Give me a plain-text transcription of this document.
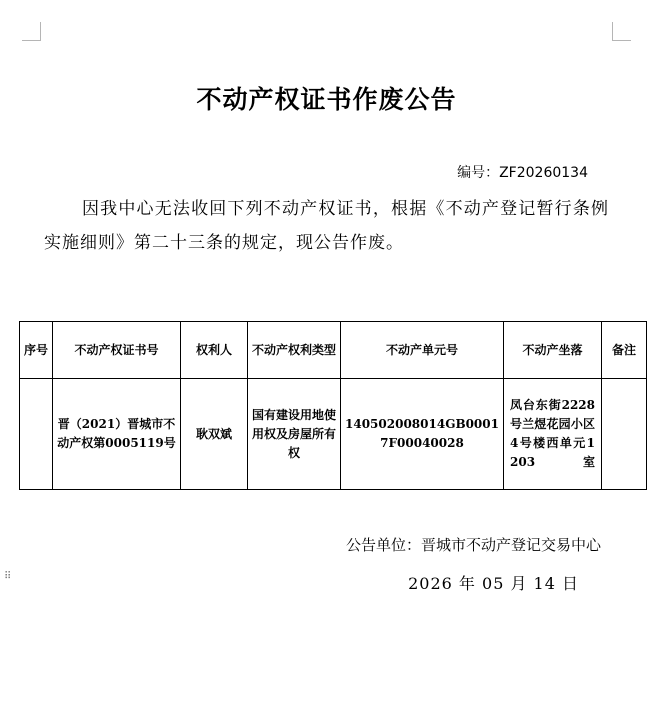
⠿
不动产权证书作废公告
编号：ZF20260134
因我中心无法收回下列不动产权证书，根据《不动产登记暂行条例实施细则》第二十三条的规定，现公告作废。
序号	不动产权证书号	权利人	不动产权利类型	不动产单元号	不动产坐落	备注
	晋（2021）晋城市不动产权第0005119号	耿双斌	国有建设用地使用权及房屋所有权	140502008014GB00017F00040028	凤台东街2228号兰煜花园小区4号楼西单元1203室	
公告单位：晋城市不动产登记交易中心
2026 年 05 月 14 日
